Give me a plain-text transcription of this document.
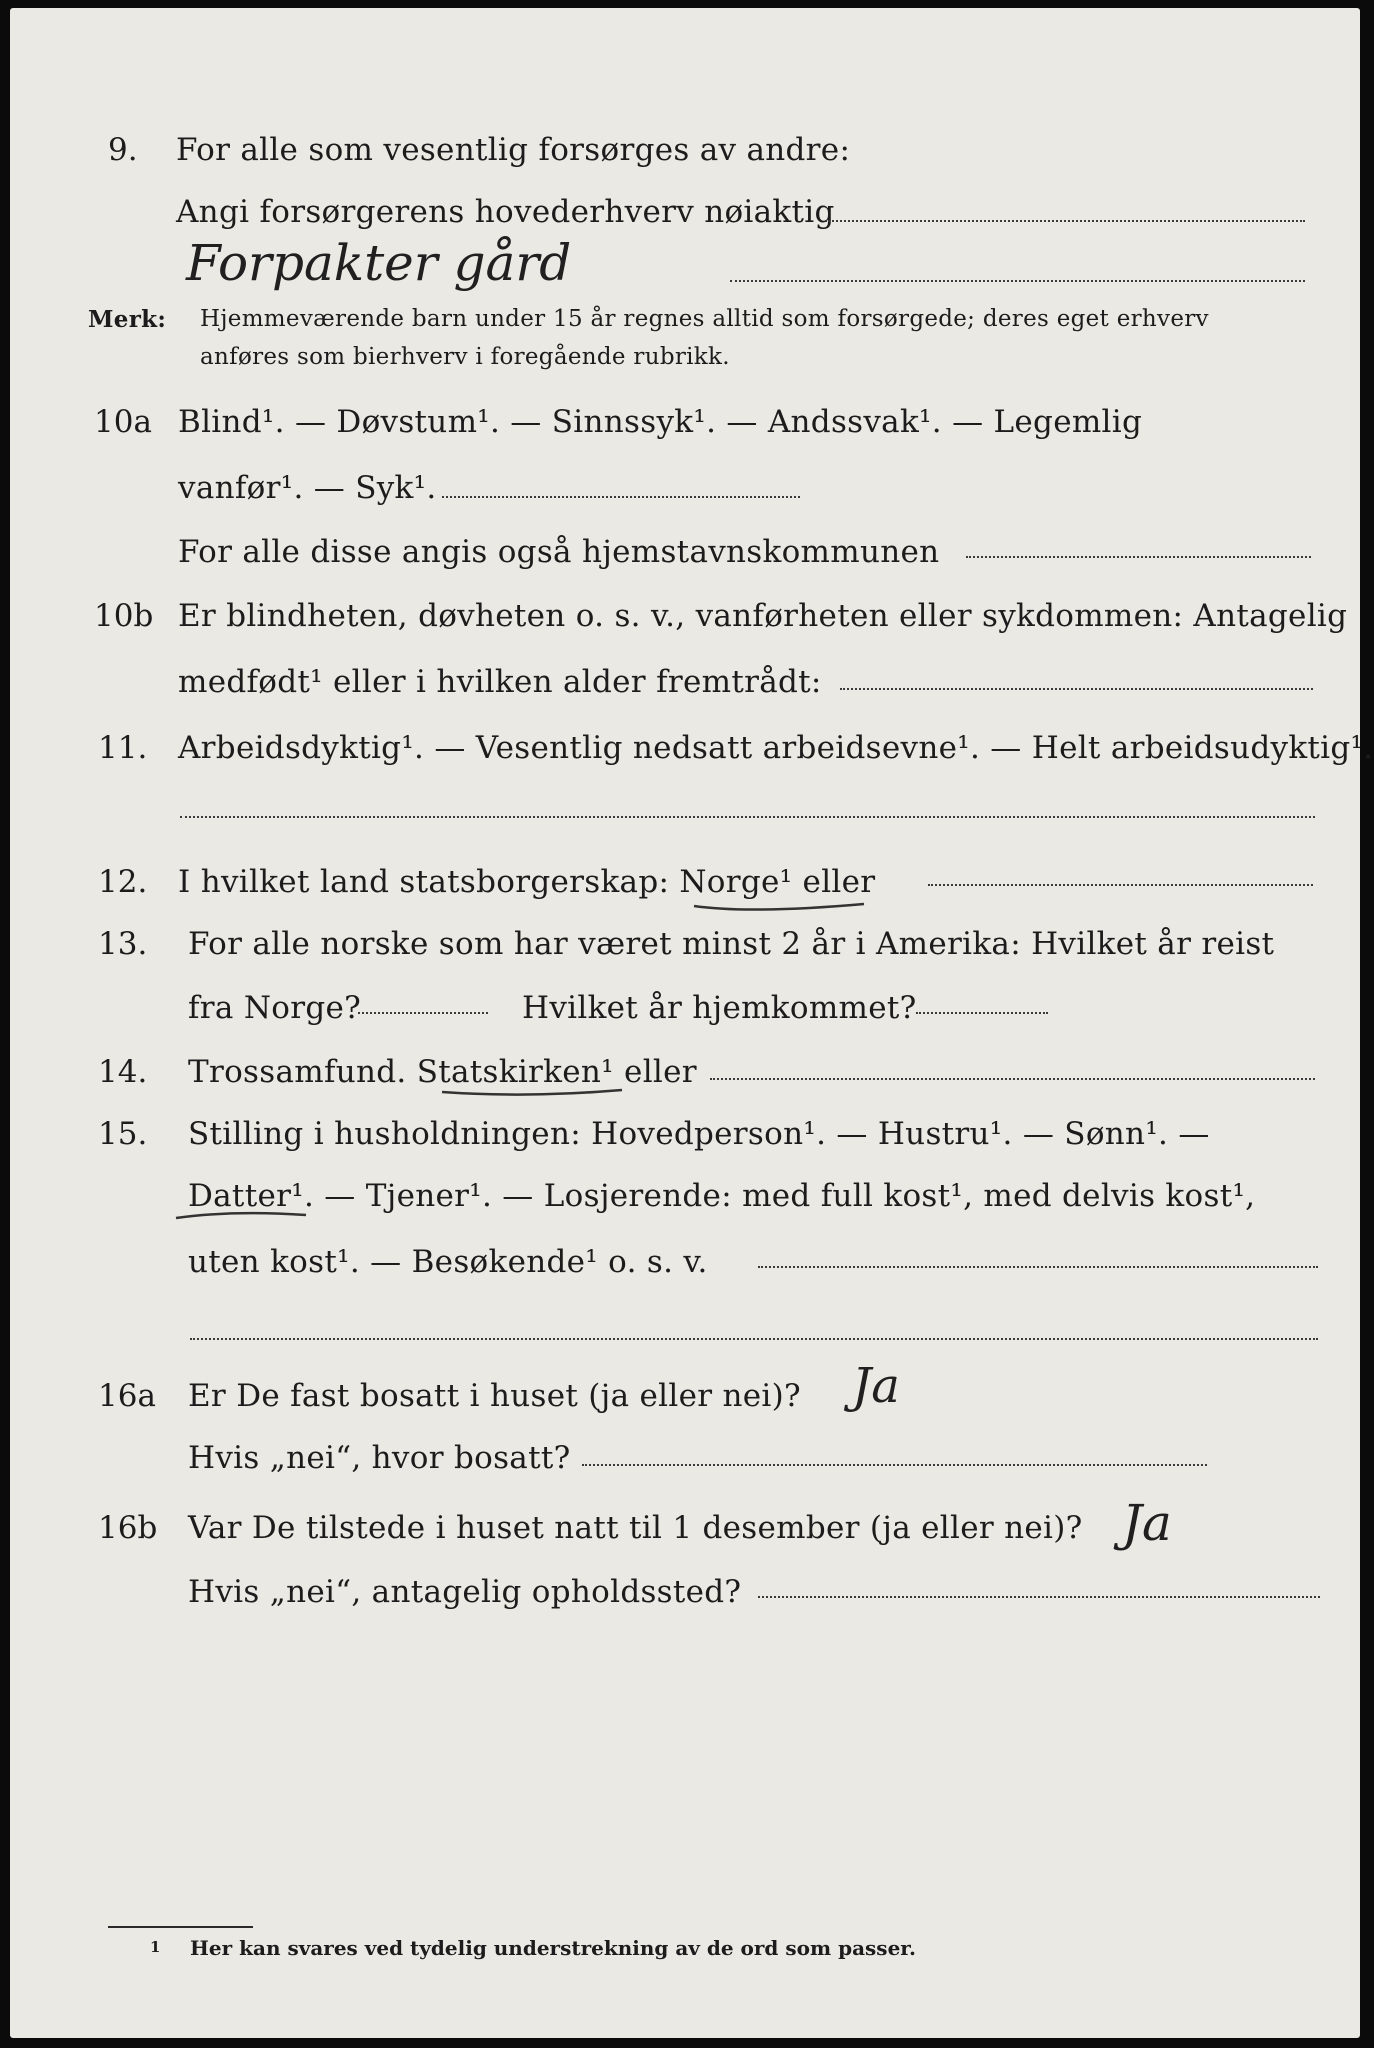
9. For alle som vesentlig forsørges av andre:
Angi forsørgerens hovederhverv nøiaktig
Forpakter gård
Merk: Hjemmeværende barn under 15 år regnes alltid som forsørgede; deres eget erhverv
anføres som bierhverv i foregående rubrikk.
10a Blind¹. — Døvstum¹. — Sinnssyk¹. — Andssvak¹. — Legemlig
vanfør¹. — Syk¹.
For alle disse angis også hjemstavnskommunen
10b Er blindheten, døvheten o. s. v., vanførheten eller sykdommen: Antagelig
medfødt¹ eller i hvilken alder fremtrådt:
11. Arbeidsdyktig¹. — Vesentlig nedsatt arbeidsevne¹. — Helt arbeidsudyktig¹.
12. I hvilket land statsborgerskap: Norge¹ eller
13. For alle norske som har været minst 2 år i Amerika: Hvilket år reist
fra Norge?	Hvilket år hjemkommet?
14. Trossamfund. Statskirken¹ eller
15. Stilling i husholdningen: Hovedperson¹. — Hustru¹. — Sønn¹. —
Datter¹. — Tjener¹. — Losjerende: med full kost¹, med delvis kost¹,
uten kost¹. — Besøkende¹ o. s. v.
16a Er De fast bosatt i huset (ja eller nei)? Ja
Hvis „nei“, hvor bosatt?
16b Var De tilstede i huset natt til 1 desember (ja eller nei)? Ja
Hvis „nei“, antagelig opholdssted?
1 Her kan svares ved tydelig understrekning av de ord som passer.
